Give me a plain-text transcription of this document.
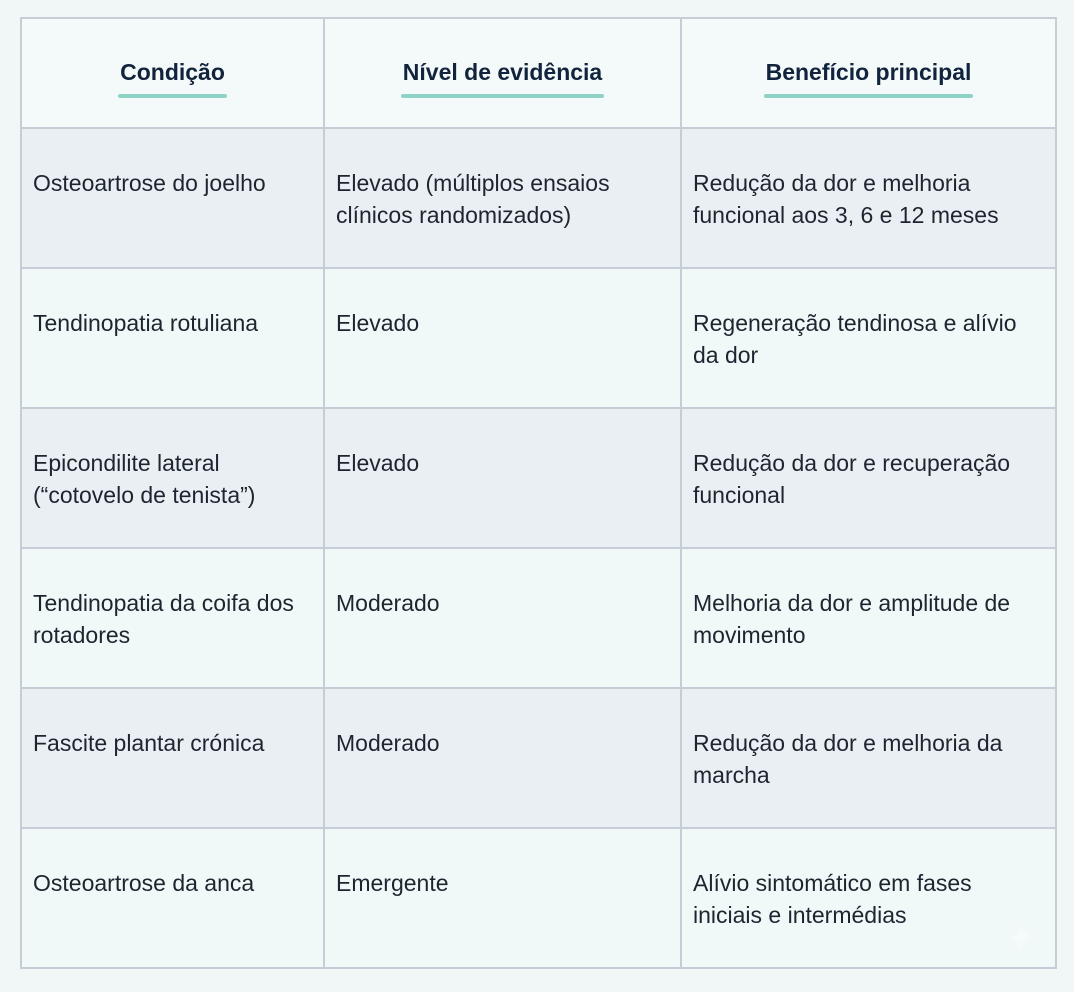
Condição	Nível de evidência	Benefício principal

Osteoartrose do joelho	Elevado (múltiplos ensaios clínicos randomizados)	Redução da dor e melhoria funcional aos 3, 6 e 12 meses

Tendinopatia rotuliana	Elevado	Regeneração tendinosa e alívio da dor

Epicondilite lateral (“cotovelo de tenista”)	Elevado	Redução da dor e recuperação funcional

Tendinopatia da coifa dos rotadores	Moderado	Melhoria da dor e amplitude de movimento

Fascite plantar crónica	Moderado	Redução da dor e melhoria da marcha

Osteoartrose da anca	Emergente	Alívio sintomático em fases iniciais e intermédias
